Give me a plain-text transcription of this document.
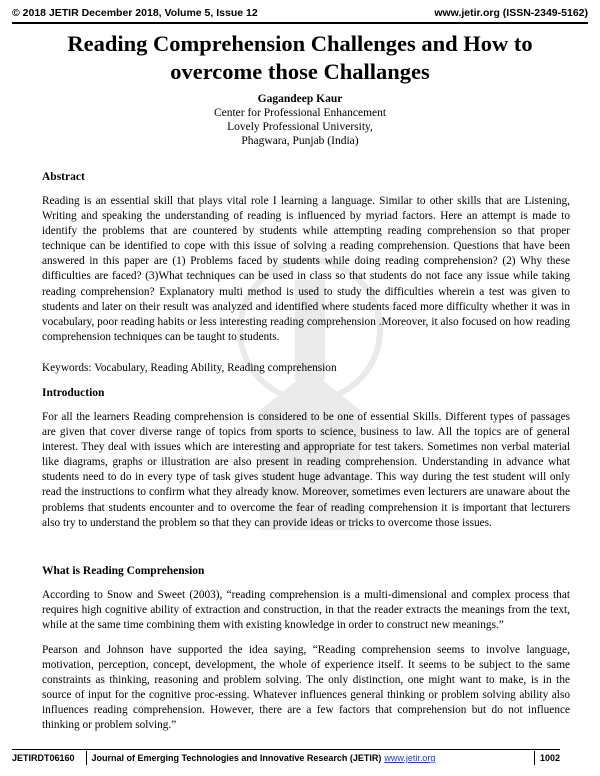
© 2018 JETIR December 2018, Volume 5, Issue 12	www.jetir.org (ISSN-2349-5162)
Reading Comprehension Challenges and How to overcome those Challanges
Gagandeep Kaur
Center for Professional Enhancement
Lovely Professional University,
Phagwara, Punjab (India)
Abstract

Reading is an essential skill that plays vital role I learning a language. Similar to other skills that are Listening, Writing and speaking the understanding of reading is influenced by myriad factors. Here an attempt is made to identify the problems that are countered by students while attempting reading comprehension so that proper technique can be identified to cope with this issue of solving a reading comprehension. Questions that have been answered in this paper are (1) Problems faced by students while doing reading comprehension? (2) Why these difficulties are faced? (3)What techniques can be used in class so that students do not face any issue while taking reading comprehension? Explanatory multi method is used to study the difficulties wherein a test was given to students and later on their result was analyzed and identified where students faced more difficulty whether it was in vocabulary, poor reading habits or less interesting reading comprehension .Moreover, it also focused on how reading comprehension techniques can be taught to students.

Keywords: Vocabulary, Reading Ability, Reading comprehension

Introduction

For all the learners Reading comprehension is considered to be one of essential Skills. Different types of passages are given that cover diverse range of topics from sports to science, business to law. All the topics are of general interest. They deal with issues which are interesting and appropriate for test takers. Sometimes non verbal material like diagrams, graphs or illustration are also present in reading comprehension. Understanding in advance what students need to do in every type of task gives student huge advantage. This way during the test student will only read the instructions to confirm what they already know. Moreover, sometimes even lecturers are unaware about the problems that students encounter and to overcome the fear of reading comprehension it is important that lecturers also try to understand the problem so that they can provide ideas or tricks to overcome those issues.

What is Reading Comprehension

According to Snow and Sweet (2003), “reading comprehension is a multi-dimensional and complex process that requires high cognitive ability of extraction and construction, in that the reader extracts the meanings from the text, while at the same time combining them with existing knowledge in order to construct new meanings.”

Pearson and Johnson have supported the idea saying, “Reading comprehension seems to involve language, motivation, perception, concept, development, the whole of experience itself. It seems to be subject to the same constraints as thinking, reasoning and problem solving. The only distinction, one might want to make, is in the source of input for the cognitive proc-essing. Whatever influences general thinking or problem solving ability also influences reading comprehension. However, there are a few factors that comprehension but do not influence thinking or problem solving.”

JETIRDT06160	Journal of Emerging Technologies and Innovative Research (JETIR) www.jetir.org	1002
